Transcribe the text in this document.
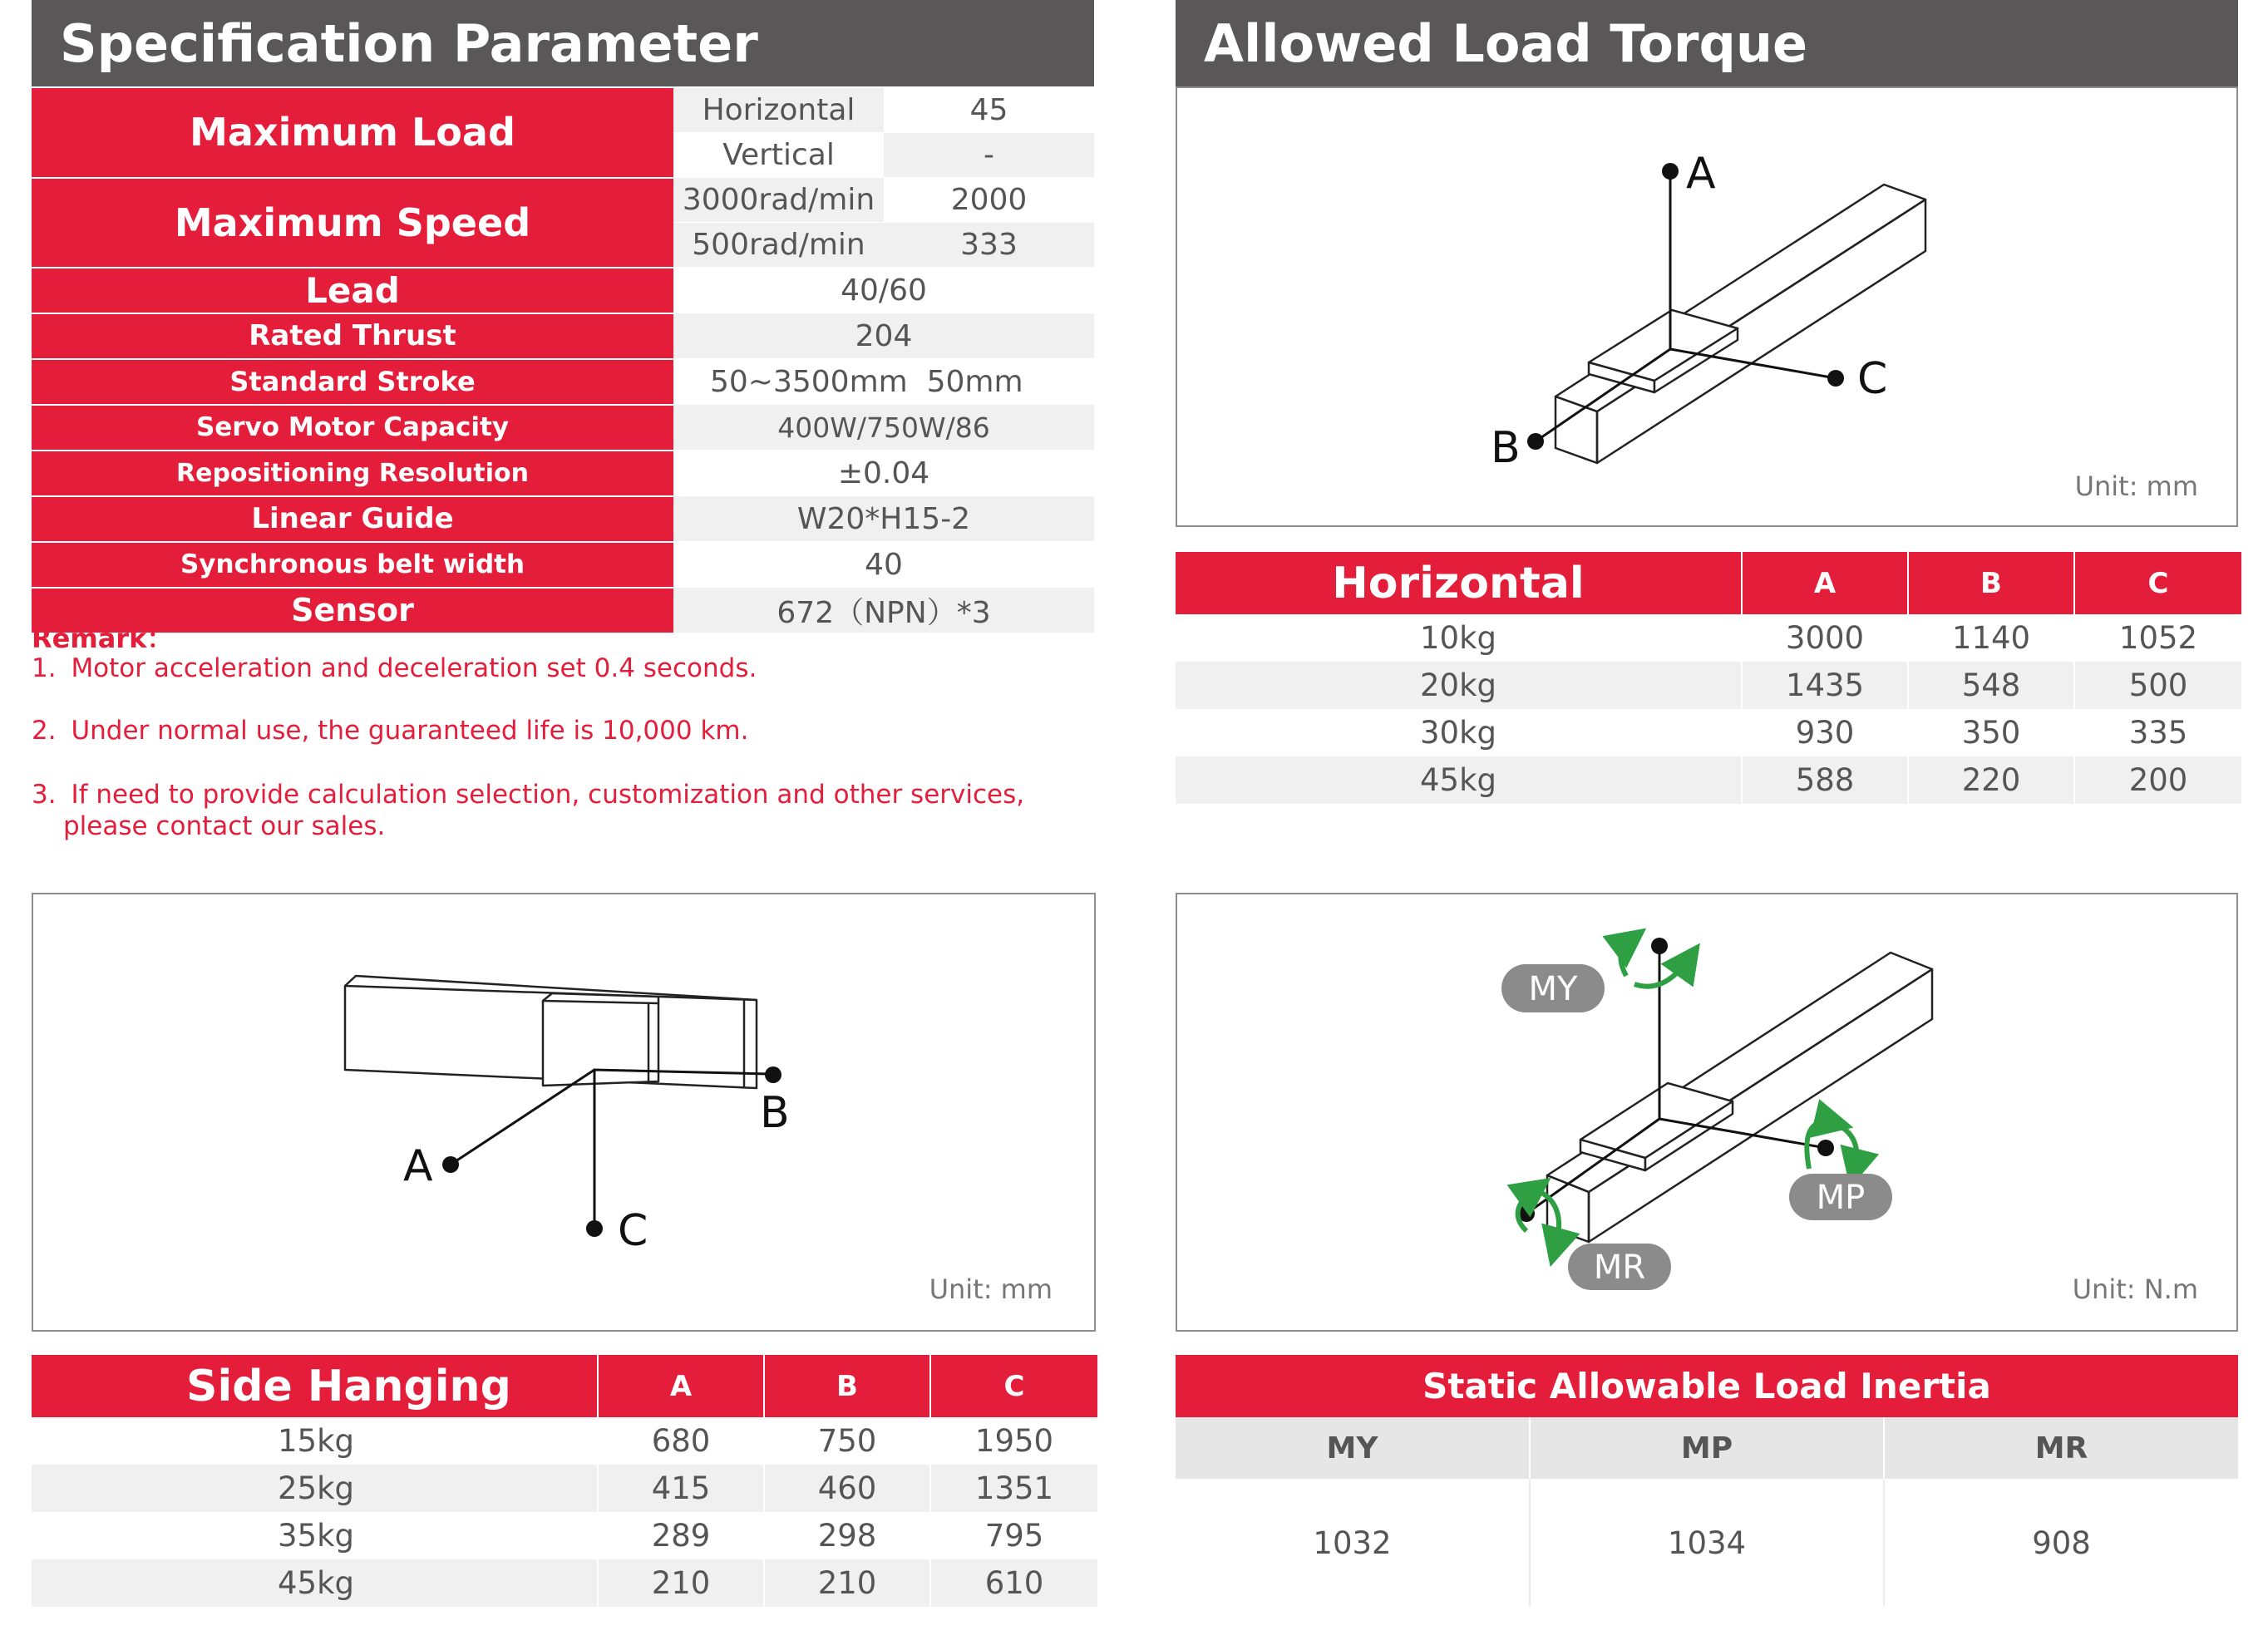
Specification Parameter
Maximum Load	Horizontal	45
	Vertical	-
Maximum Speed	3000rad/min	2000
	500rad/min	333
Lead	40/60	
Rated Thrust	204	
Standard Stroke	50~3500mm  50mm	
Servo Motor Capacity	400W/750W/86	
Repositioning Resolution	±0.04	
Linear Guide	W20*H15-2	
Synchronous belt width	40	
Sensor	672（NPN）*3	
Remark：
1. Motor acceleration and deceleration set 0.4 seconds.
2. Under normal use, the guaranteed life is 10,000 km.
3. If need to provide calculation selection, customization and other services,
please contact our sales.
Allowed Load Torque
A
C
B
Unit: mm
Horizontal	A	B	C
10kg	3000	1140	1052
20kg	1435	548	500
30kg	930	350	335
45kg	588	220	200
B
A
C
Unit: mm
Side Hanging	A	B	C
15kg	680	750	1950
25kg	415	460	1351
35kg	289	298	795
45kg	210	210	610
MY
MP
MR
Unit: N.m
Static Allowable Load Inertia		
MY	MP	MR
1032	1034	908
